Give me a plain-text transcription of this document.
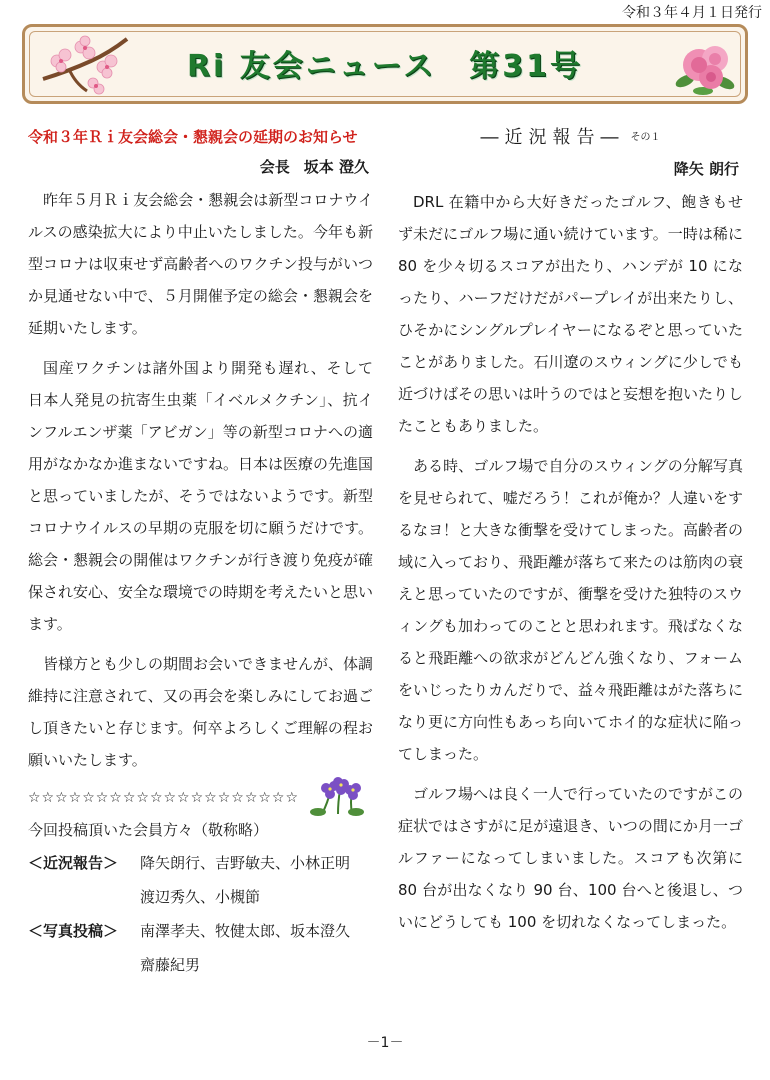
令和３年４月１日発行
Ri 友会ニュース　第31号
令和３年Ｒｉ友会総会・懇親会の延期のお知らせ
会長 坂本 澄久

昨年５月Ｒｉ友会総会・懇親会は新型コロナウイルスの感染拡大により中止いたしました。今年も新型コロナは収束せず高齢者へのワクチン投与がいつか見通せない中で、５月開催予定の総会・懇親会を延期いたします。

国産ワクチンは諸外国より開発も遅れ、そして日本人発見の抗寄生虫薬「イベルメクチン」、抗インフルエンザ薬「アビガン」等の新型コロナへの適用がなかなか進まないですね。日本は医療の先進国と思っていましたが、そうではないようです。新型コロナウイルスの早期の克服を切に願うだけです。総会・懇親会の開催はワクチンが行き渡り免疫が確保され安心、安全な環境での時期を考えたいと思います。

皆様方とも少しの期間お会いできませんが、体調維持に注意されて、又の再会を楽しみにしてお過ごし頂きたいと存じます。何卒よろしくご理解の程お願いいたします。

☆☆☆☆☆☆☆☆☆☆☆☆☆☆☆☆☆☆☆☆
今回投稿頂いた会員方々（敬称略）
＜近況報告＞	降矢朗行、吉野敏夫、小林正明
渡辺秀久、小槻節
＜写真投稿＞	南澤孝夫、牧健太郎、坂本澄久
齋藤紀男
―近況報告― その１
降矢 朗行

DRL 在籍中から大好きだったゴルフ、飽きもせず未だにゴルフ場に通い続けています。一時は稀に 80 を少々切るスコアが出たり、ハンデが 10 になったり、ハーフだけだがパープレイが出来たりし、ひそかにシングルプレイヤーになるぞと思っていたことがありました。石川遼のスウィングに少しでも近づけばその思いは叶うのではと妄想を抱いたりしたこともありました。

ある時、ゴルフ場で自分のスウィングの分解写真を見せられて、嘘だろう！これが俺か？人違いをするなヨ！と大きな衝撃を受けてしまった。高齢者の域に入っており、飛距離が落ちて来たのは筋肉の衰えと思っていたのですが、衝撃を受けた独特のスウィングも加わってのことと思われます。飛ばなくなると飛距離への欲求がどんどん強くなり、フォームをいじったりカんだりで、益々飛距離はがた落ちになり更に方向性もあっち向いてホイ的な症状に陥ってしまった。

ゴルフ場へは良く一人で行っていたのですがこの症状ではさすがに足が遠退き、いつの間にか月一ゴルファーになってしまいました。スコアも次第に 80 台が出なくなり 90 台、100 台へと後退し、ついにどうしても 100 を切れなくなってしまった。

－1－
